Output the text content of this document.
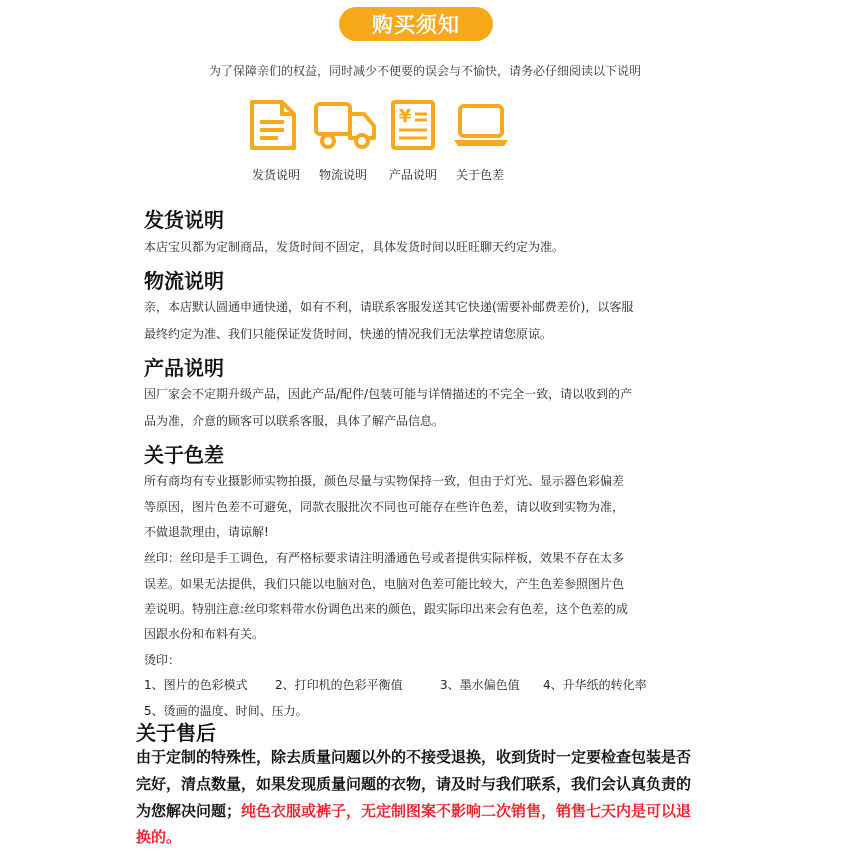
购买须知
为了保障亲们的权益，同时减少不便要的误会与不愉快，请务必仔细阅读以下说明
¥
发货说明	物流说明	产品说明	关于色差
发货说明
本店宝贝都为定制商品，发货时间不固定，具体发货时间以旺旺聊天约定为准。
物流说明
亲，本店默认圆通申通快递，如有不利，请联系客服发送其它快递(需要补邮费差价)，以客服
最终约定为准、我们只能保证发货时间，快递的情况我们无法掌控请您原谅。
产品说明
因厂家会不定期升级产品，因此产品/配件/包装可能与详情描述的不完全一致，请以收到的产
品为准，介意的顾客可以联系客服，具体了解产品信息。
关于色差
所有商均有专业摄影师实物拍摄，颜色尽量与实物保持一致，但由于灯光、显示器色彩偏差
等原因，图片色差不可避免，同款衣服批次不同也可能存在些许色差，请以收到实物为准，
不做退款理由，请谅解!
丝印：丝印是手工调色，有严格标要求请注明潘通色号或者提供实际样板，效果不存在太多
误差。如果无法提供，我们只能以电脑对色，电脑对色差可能比较大，产生色差参照图片色
差说明。特别注意:丝印浆料带水份调色出来的颜色，跟实际印出来会有色差，这个色差的成
因跟水份和布料有关。
烫印：
1、图片的色彩模式 2、打印机的色彩平衡值	3、墨水偏色值 4、升华纸的转化率
5、烫画的温度、时间、压力。
关于售后
由于定制的特殊性，除去质量问题以外的不接受退换，收到货时一定要检查包装是否
完好，清点数量，如果发现质量问题的衣物，请及时与我们联系，我们会认真负责的
为您解决问题；纯色衣服或裤子，无定制图案不影响二次销售，销售七天内是可以退
换的。
